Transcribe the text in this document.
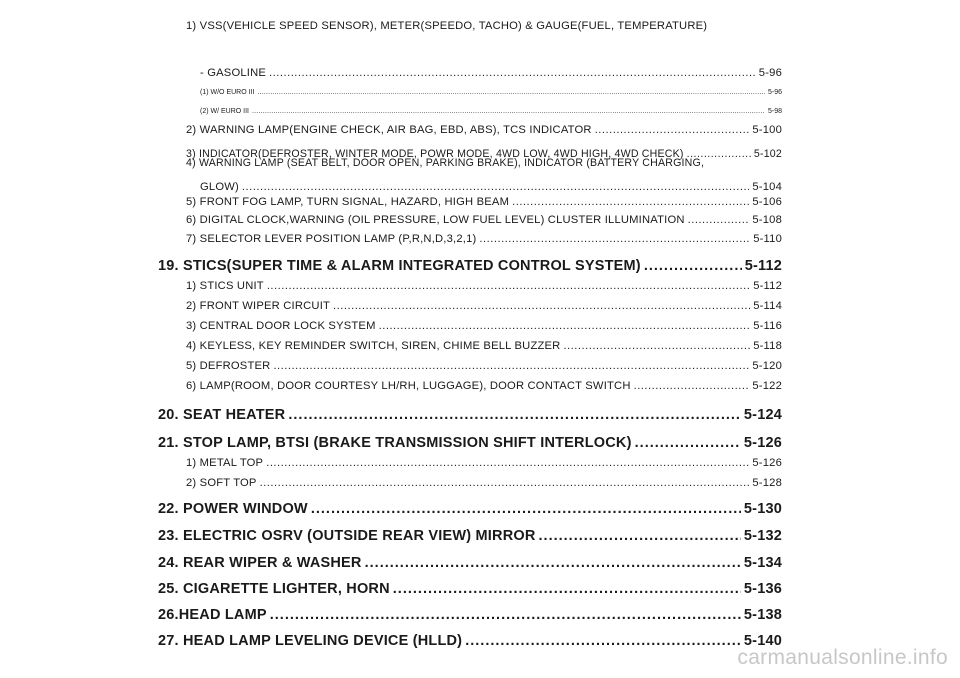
1) VSS(VEHICLE SPEED SENSOR), METER(SPEEDO, TACHO) & GAUGE(FUEL, TEMPERATURE)
- GASOLINE .....	5-96
(1) W/O EURO III .....	5-96
(2) W/ EURO III .....	5-98
2) WARNING LAMP(ENGINE CHECK, AIR BAG, EBD, ABS), TCS INDICATOR .....	5-100
3) INDICATOR(DEFROSTER, WINTER MODE, POWR MODE, 4WD LOW, 4WD HIGH, 4WD CHECK) .....	5-102
4) WARNING LAMP (SEAT BELT, DOOR OPEN, PARKING BRAKE), INDICATOR (BATTERY CHARGING,
GLOW) .....	5-104
5) FRONT FOG LAMP, TURN SIGNAL, HAZARD, HIGH BEAM .....	5-106
6) DIGITAL CLOCK,WARNING (OIL PRESSURE, LOW FUEL LEVEL) CLUSTER ILLUMINATION .....	5-108
7) SELECTOR LEVER POSITION LAMP (P,R,N,D,3,2,1) .....	5-110
19. STICS(SUPER TIME & ALARM INTEGRATED CONTROL SYSTEM) .....	5-112
1) STICS UNIT .....	5-112
2) FRONT WIPER CIRCUIT .....	5-114
3) CENTRAL DOOR LOCK SYSTEM .....	5-116
4) KEYLESS, KEY REMINDER SWITCH, SIREN, CHIME BELL BUZZER .....	5-118
5) DEFROSTER .....	5-120
6) LAMP(ROOM, DOOR COURTESY LH/RH, LUGGAGE), DOOR CONTACT SWITCH .....	5-122
20. SEAT HEATER .....	5-124
21. STOP LAMP, BTSI (BRAKE TRANSMISSION SHIFT INTERLOCK) .....	5-126
1) METAL TOP .....	5-126
2) SOFT TOP .....	5-128
22. POWER WINDOW .....	5-130
23. ELECTRIC OSRV (OUTSIDE REAR VIEW) MIRROR .....	5-132
24. REAR WIPER & WASHER .....	5-134
25. CIGARETTE LIGHTER, HORN .....	5-136
26.HEAD LAMP .....	5-138
27. HEAD LAMP LEVELING DEVICE (HLLD) .....	5-140
carmanualsonline.info
